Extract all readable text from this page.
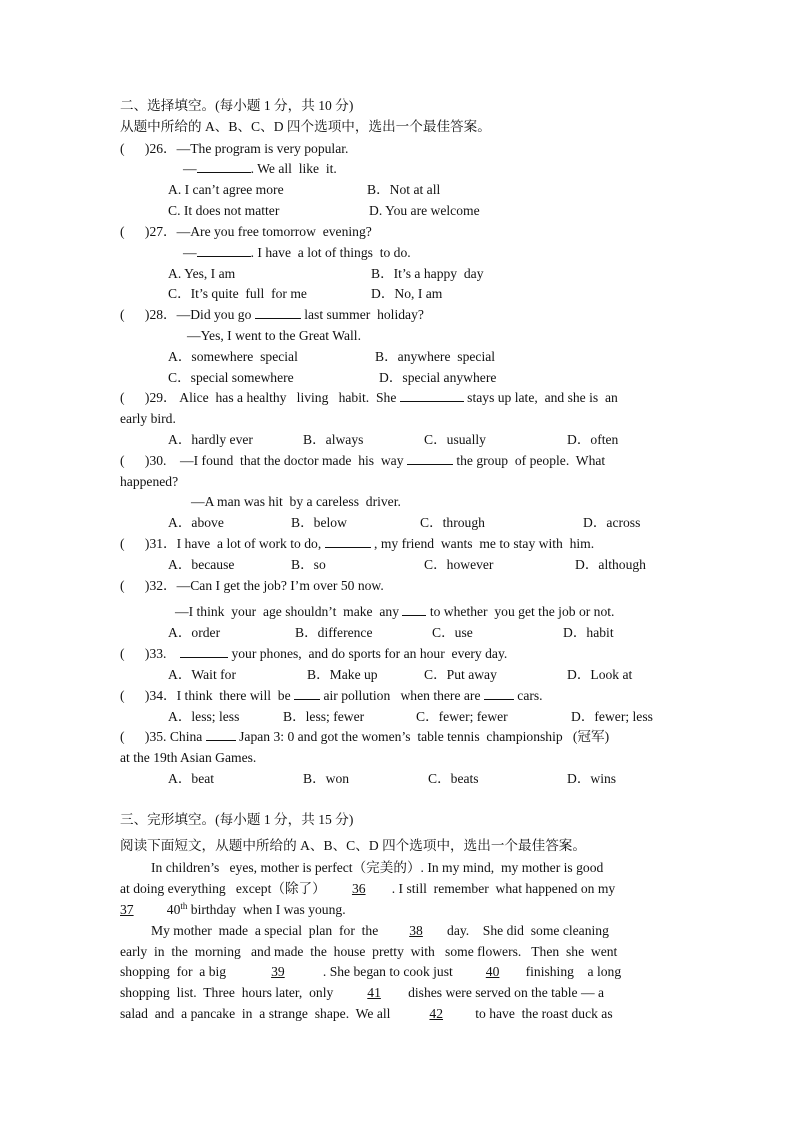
二、选择填空。(每小题 1 分，共 10 分)
从题中所给的 A、B、C、D 四个选项中，选出一个最佳答案。
(      )26．—The program is very popular.
—	. We all  like  it.
A. I can’t agree more	B．Not at all
C. It does not matter	D. You are welcome
(      )27．—Are you free tomorrow  evening?
—	. I have  a lot of things  to do.
A. Yes, I am	B．It’s a happy  day
C．It’s quite  full  for me	D．No, I am
(      )28．—Did you go	last summer  holiday?
—Yes, I went to the Great Wall.
A．somewhere  special	B．anywhere  special
C．special somewhere	D．special anywhere
(      )29． Alice  has a healthy   living   habit.  She	stays up late,  and she is  an
early bird.
A．hardly ever	B．always	C．usually	D．often
(      )30.    —I found  that the doctor made  his  way	the group  of people.  What
happened?
—A man was hit  by a careless  driver.
A．above	B．below	C．through	D．across
(      )31．I have  a lot of work to do,	, my friend  wants  me to stay with  him.
A．because	B．so	C．however	D．although
(      )32．—Can I get the job? I’m over 50 now.
—I think  your  age shouldn’t  make  any to whether  you get the job or not.
A．order	B．difference	C．use	D．habit
(      )33.	your phones,  and do sports for an hour  every day.
A．Wait for	B．Make up	C．Put away	D．Look at
(      )34．I think  there will  be air pollution   when there are	cars.
A．less; less	B．less; fewer	C．fewer; fewer	D．fewer; less
(      )35. China	Japan 3: 0 and got the women’s  table tennis  championship   (冠军)
at the 19th Asian Games.
A．beat	B．won	C．beats	D．wins
三、完形填空。(每小题 1 分，共 15 分)
阅读下面短文，从题中所给的 A、B、C、D 四个选项中，选出一个最佳答案。
In children’s   eyes, mother is perfect（完美的）. In my mind,  my mother is good
at doing everything   except（除了） 36 . I still  remember  what happened on my
37 40th birthday  when I was young.
My mother  made  a special  plan  for  the 38 day.    She did  some cleaning
early  in  the  morning   and made  the  house  pretty  with   some flowers.   Then  she  went
shopping  for  a big	39	. She began to cook just 40 finishing    a long
shopping  list.  Three  hours later,  only	41 dishes were served on the table — a
salad  and  a pancake  in  a strange  shape.  We all	42 to have  the roast duck as
